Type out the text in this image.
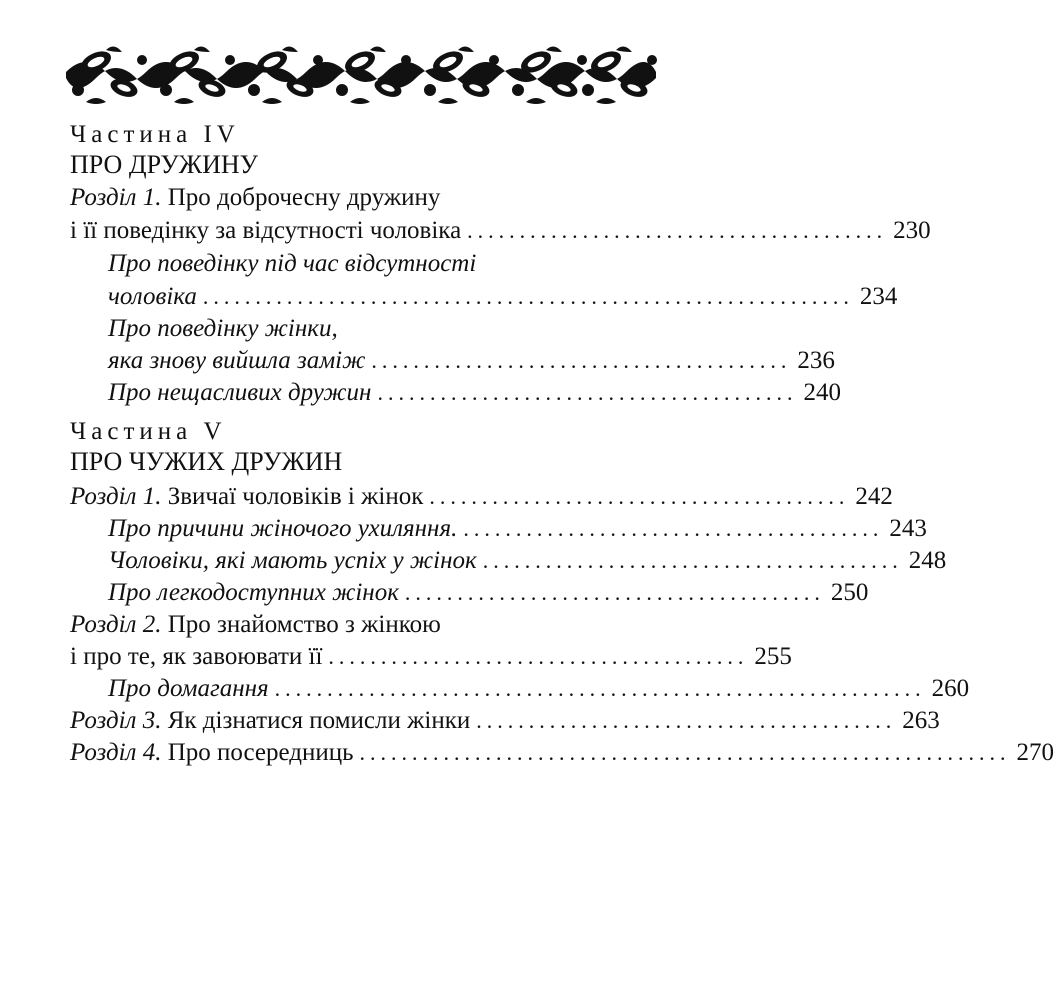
Частина IV
ПРО ДРУЖИНУ
Розділ 1. Про доброчесну дружину
і її поведінку за відсутності чоловіка ........................................ 230
Про поведінку під час відсутності
чоловіка .............................................................. 234
Про поведінку жінки,
яка знову вийшла заміж ........................................ 236
Про нещасливих дружин ........................................ 240
Частина V
ПРО ЧУЖИХ ДРУЖИН
Розділ 1. Звичаї чоловіків і жінок ........................................ 242
Про причини жіночого ухиляння. ........................................ 243
Чоловіки, які мають успіх у жінок ........................................ 248
Про легкодоступних жінок ........................................ 250
Розділ 2. Про знайомство з жінкою
і про те, як завоювати її ........................................ 255
Про домагання .............................................................. 260
Розділ 3. Як дізнатися помисли жінки ........................................ 263
Розділ 4. Про посередниць .............................................................. 270
